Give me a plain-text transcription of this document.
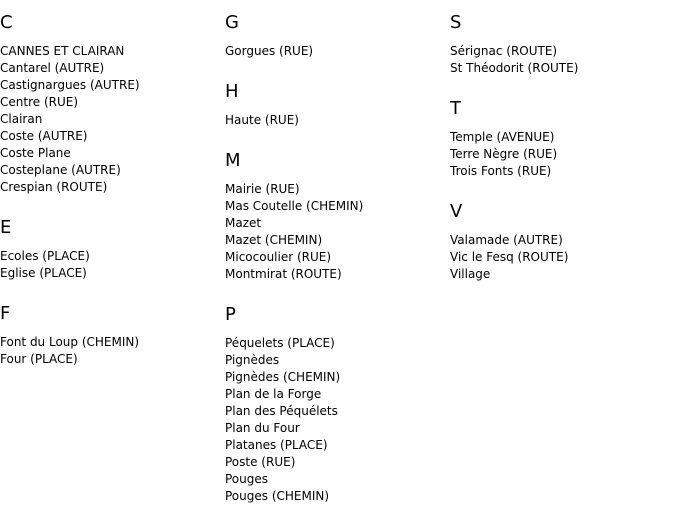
C
CANNES ET CLAIRAN
Cantarel (AUTRE)
Castignargues (AUTRE)
Centre (RUE)
Clairan
Coste (AUTRE)
Coste Plane
Costeplane (AUTRE)
Crespian (ROUTE)
E
Ecoles (PLACE)
Eglise (PLACE)
F
Font du Loup (CHEMIN)
Four (PLACE)
G
Gorgues (RUE)
H
Haute (RUE)
M
Mairie (RUE)
Mas Coutelle (CHEMIN)
Mazet
Mazet (CHEMIN)
Micocoulier (RUE)
Montmirat (ROUTE)
P
Péquelets (PLACE)
Pignèdes
Pignèdes (CHEMIN)
Plan de la Forge
Plan des Péquélets
Plan du Four
Platanes (PLACE)
Poste (RUE)
Pouges
Pouges (CHEMIN)
S
Sérignac (ROUTE)
St Théodorit (ROUTE)
T
Temple (AVENUE)
Terre Nègre (RUE)
Trois Fonts (RUE)
V
Valamade (AUTRE)
Vic le Fesq (ROUTE)
Village
